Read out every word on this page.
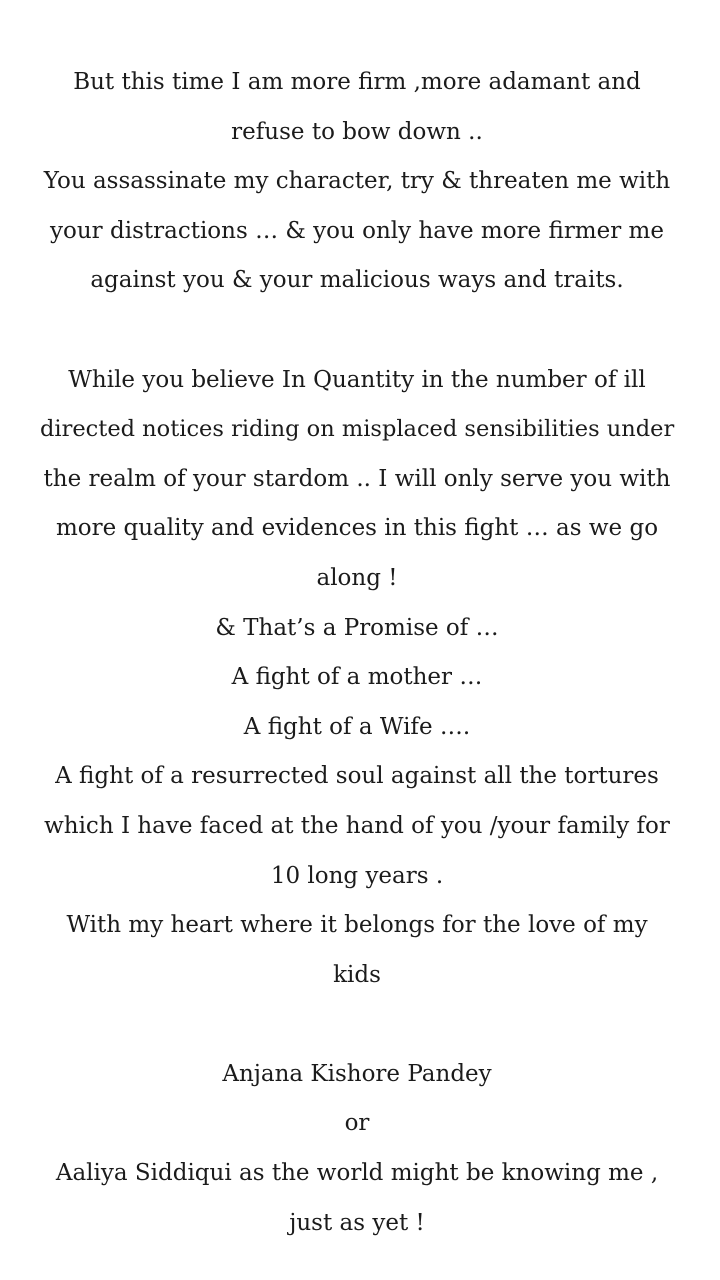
But this time I am more firm ,more adamant and
refuse to bow down ..
You assassinate my character, try & threaten me with
your distractions … & you only have more firmer me
against you & your malicious ways and traits.
While you believe In Quantity in the number of ill
directed notices riding on misplaced sensibilities under
the realm of your stardom .. I will only serve you with
more quality and evidences in this fight … as we go
along !
& That’s a Promise of …
A fight of a mother …
A fight of a Wife ….
A fight of a resurrected soul against all the tortures
which I have faced at the hand of you /your family for
10 long years .
With my heart where it belongs for the love of my
kids
Anjana Kishore Pandey
or
Aaliya Siddiqui as the world might be knowing me ,
just as yet !
